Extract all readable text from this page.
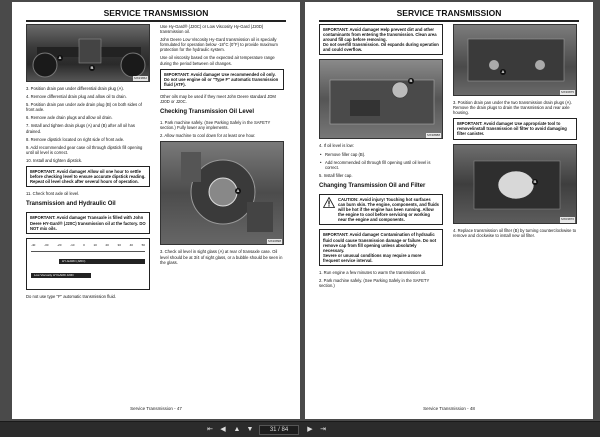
SERVICE TRANSMISSION
A
B
MX23862

3. Position drain pan under differential drain plug (A).

4. Remove differential drain plug and allow oil to drain.

5. Position drain pan under axle drain plug (B) on both sides of front axle.

6. Remove axle drain plugs and allow oil drain.

7. Install and tighten drain plugs (A) and (B) after all oil has drained.

8. Remove dipstick located on right side of front axle.

9. Add recommended gear case oil through dipstick fill opening until oil level is correct.

10. Install and tighten dipstick.

IMPORTANT: Avoid damage! Allow oil one hour to settle before checking level to ensure accurate dipstick reading. Repeat oil level check after several hours of operation.

11. Check front axle oil level.

Transmission and Hydraulic Oil
IMPORTANT: Avoid damage! Transaxle is filled with John Deere HY-Gard® (J20C) transmission oil at the factory. DO NOT mix oils.
-40	-30	-20	-10	0	10	20	30	40	50
HY-GARD (J20C)
Low Viscosity HYGARD J20D

Do not use type "F" automatic transmission fluid.

Use Hy-Gard® (J20C) or Low Viscosity Hy-Gard (J20D) transmission oil.

John Deere Low Viscosity Hy-Gard transmission oil is specially formulated for operation below -18°C (0°F) to provide maximum protection for the hydraulic system.

Use oil viscosity based on the expected air temperature range during the period between oil changes.

IMPORTANT: Avoid damage! Use recommended oil only. Do not use engine oil or "Type F" automatic transmission fluid (ATF).

Other oils may be used if they meet John Deere standard JDM J20D or J20C.

Checking Transmission Oil Level

1. Park machine safely. (See Parking Safely in the SAFETY section.) Fully lower any implements.

2. Allow machine to cool down for at least one hour.

A
MX20898

3. Check oil level in sight glass (A) at rear of transaxle case. Oil level should be at 3/4 of sight glass, or a bubble should be seen in the glass.

Service Transmission - 47
SERVICE TRANSMISSION
IMPORTANT: Avoid damage! Help prevent dirt and other contaminants from entering the transmission. Clean area around fill cap before removing.
Do not overfill transmission. Oil expands during operation and could overflow.
B
MX38888

4. If oil level is low:

• Remove filler cap (B).

• Add recommended oil through fill opening until oil level is correct.

5. Install filler cap.

Changing Transmission Oil and Filter
CAUTION: Avoid injury! Touching hot surfaces can burn skin. The engine, components, and fluids will be hot if the engine has been running. Allow the engine to cool before servicing or working near the engine and components.
IMPORTANT: Avoid damage! Contamination of hydraulic fluid could cause transmission damage or failure. Do not remove cap from fill opening unless absolutely necessary.
Severe or unusual conditions may require a more frequent service interval.

1. Run engine a few minutes to warm the transmission oil.

2. Park machine safely. (See Parking Safely in the SAFETY section.)

A
MX36875

3. Position drain pan under the two transmission drain plugs (A). Remove the drain plugs to drain the transmission and rear axle housing.

IMPORTANT: Avoid damage! Use appropriate tool to remove/install transmission oil filter to avoid damaging filter canister.
B
MX03876

4. Replace transmission oil filter (B) by turning counterclockwise to remove and clockwise to install new oil filter.

Service Transmission - 48
⇤	◀	▲ ▼	31 / 84	▶	⇥
